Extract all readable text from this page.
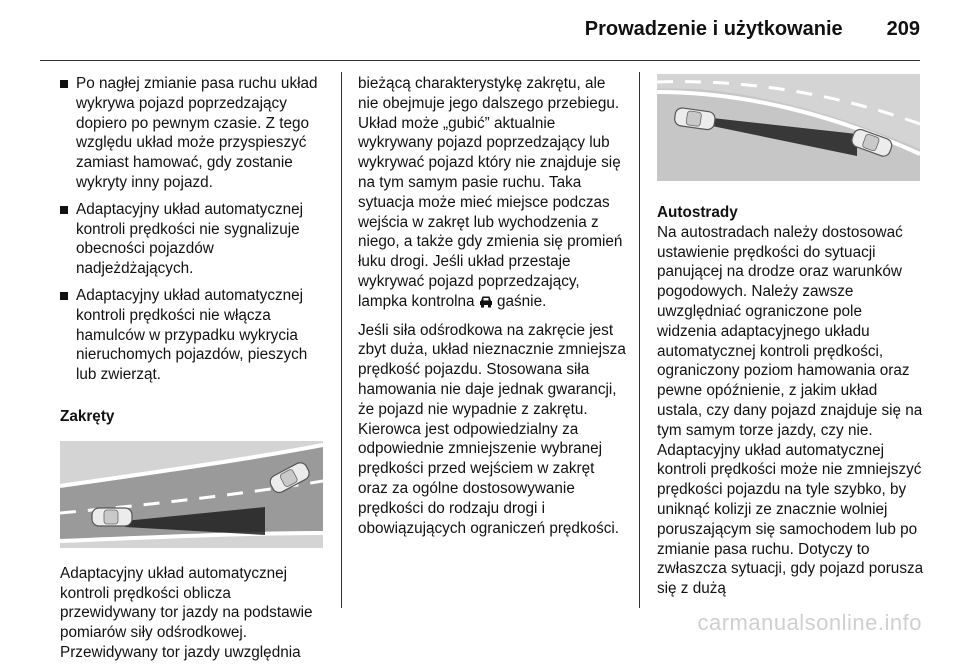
Prowadzenie i użytkowanie 209
Po nagłej zmianie pasa ruchu układ wykrywa pojazd poprzedzający dopiero po pewnym czasie. Z tego względu układ może przyspieszyć zamiast hamować, gdy zostanie wykryty inny pojazd.
Adaptacyjny układ automatycznej kontroli prędkości nie sygnalizuje obecności pojazdów nadjeżdżających.
Adaptacyjny układ automatycznej kontroli prędkości nie włącza hamulców w przypadku wykrycia nieruchomych pojazdów, pieszych lub zwierząt.
Zakręty

Adaptacyjny układ automatycznej kontroli prędkości oblicza przewidywany tor jazdy na podstawie pomiarów siły odśrodkowej. Przewidywany tor jazdy uwzględnia

bieżącą charakterystykę zakrętu, ale nie obejmuje jego dalszego przebiegu. Układ może „gubić” aktualnie wykrywany pojazd poprzedzający lub wykrywać pojazd który nie znajduje się na tym samym pasie ruchu. Taka sytuacja może mieć miejsce podczas wejścia w zakręt lub wychodzenia z niego, a także gdy zmienia się promień łuku drogi. Jeśli układ przestaje wykrywać pojazd poprzedzający, lampka kontrolna  gaśnie.

Jeśli siła odśrodkowa na zakręcie jest zbyt duża, układ nieznacznie zmniejsza prędkość pojazdu. Stosowana siła hamowania nie daje jednak gwarancji, że pojazd nie wypadnie z zakrętu. Kierowca jest odpowiedzialny za odpowiednie zmniejszenie wybranej prędkości przed wejściem w zakręt oraz za ogólne dostosowywanie prędkości do rodzaju drogi i obowiązujących ograniczeń prędkości.

Autostrady

Na autostradach należy dostosować ustawienie prędkości do sytuacji panującej na drodze oraz warunków pogodowych. Należy zawsze uwzględniać ograniczone pole widzenia adaptacyjnego układu automatycznej kontroli prędkości, ograniczony poziom hamowania oraz pewne opóźnienie, z jakim układ ustala, czy dany pojazd znajduje się na tym samym torze jazdy, czy nie. Adaptacyjny układ automatycznej kontroli prędkości może nie zmniejszyć prędkości pojazdu na tyle szybko, by uniknąć kolizji ze znacznie wolniej poruszającym się samochodem lub po zmianie pasa ruchu. Dotyczy to zwłaszcza sytuacji, gdy pojazd porusza się z dużą

carmanualsonline.info
